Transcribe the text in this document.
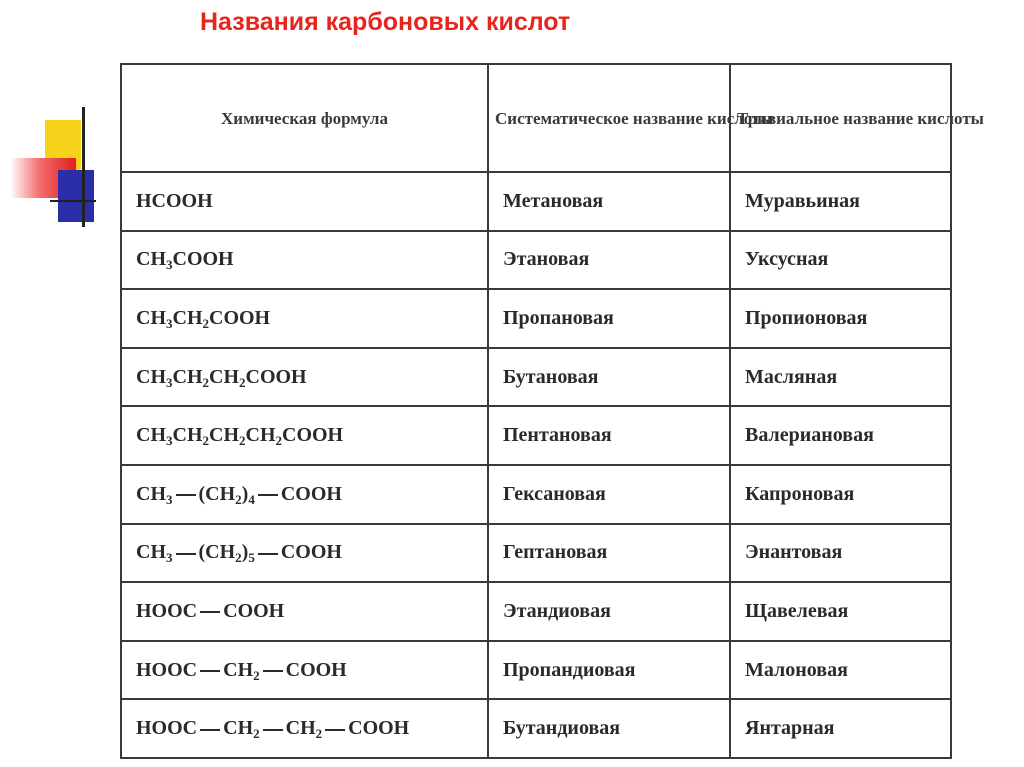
Названия карбоновых кислот
Химическая формула	Систематическое название кислоты	Тривиальное название кислоты
HCOOH	Метановая	Муравьиная
$CH_3COOH$	Этановая	Уксусная
$CH_3CH_2COOH$	Пропановая	Пропионовая
$CH_3CH_2CH_2COOH$	Бутановая	Масляная
$CH_3CH_2CH_2CH_2COOH$	Пентановая	Валериановая
$CH_3$ $(CH_2)_4$ COOH	Гексановая	Капроновая
$CH_3$ $(CH_2)_5$ COOH	Гептановая	Энантовая
HOOC COOH	Этандиовая	Щавелевая
HOOC $CH_2$ COOH	Пропандиовая	Малоновая
HOOC $CH_2$ $CH_2$ COOH	Бутандиовая	Янтарная
